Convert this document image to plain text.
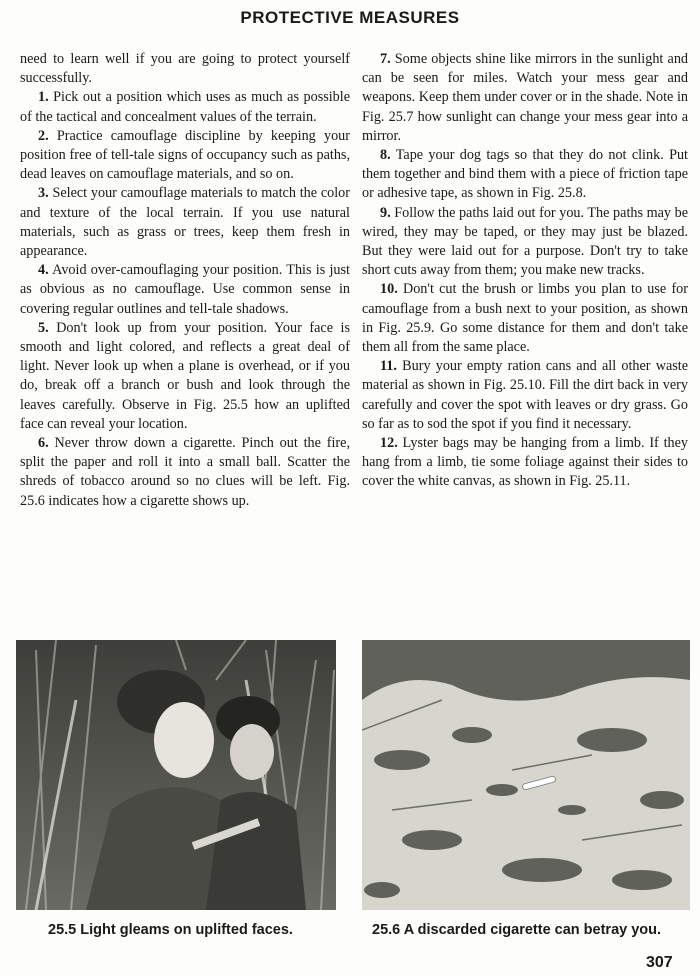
PROTECTIVE MEASURES

need to learn well if you are going to protect yourself successfully.

1. Pick out a position which uses as much as possible of the tactical and concealment values of the terrain.

2. Practice camouflage discipline by keeping your position free of tell-tale signs of occupancy such as paths, dead leaves on camouflage materials, and so on.

3. Select your camouflage materials to match the color and texture of the local terrain. If you use natural materials, such as grass or trees, keep them fresh in appearance.

4. Avoid over-camouflaging your position. This is just as obvious as no camouflage. Use common sense in covering regular outlines and tell-tale shadows.

5. Don't look up from your position. Your face is smooth and light colored, and reflects a great deal of light. Never look up when a plane is overhead, or if you do, break off a branch or bush and look through the leaves carefully. Observe in Fig. 25.5 how an uplifted face can reveal your location.

6. Never throw down a cigarette. Pinch out the fire, split the paper and roll it into a small ball. Scatter the shreds of tobacco around so no clues will be left. Fig. 25.6 indicates how a cigarette shows up.

7. Some objects shine like mirrors in the sunlight and can be seen for miles. Watch your mess gear and weapons. Keep them under cover or in the shade. Note in Fig. 25.7 how sunlight can change your mess gear into a mirror.

8. Tape your dog tags so that they do not clink. Put them together and bind them with a piece of friction tape or adhesive tape, as shown in Fig. 25.8.

9. Follow the paths laid out for you. The paths may be wired, they may be taped, or they may just be blazed. But they were laid out for a purpose. Don't try to take short cuts away from them; you make new tracks.

10. Don't cut the brush or limbs you plan to use for camouflage from a bush next to your position, as shown in Fig. 25.9. Go some distance for them and don't take them all from the same place.

11. Bury your empty ration cans and all other waste material as shown in Fig. 25.10. Fill the dirt back in very carefully and cover the spot with leaves or dry grass. Go so far as to sod the spot if you find it necessary.

12. Lyster bags may be hanging from a limb. If they hang from a limb, tie some foliage against their sides to cover the white canvas, as shown in Fig. 25.11.

25.5 Light gleams on uplifted faces.	25.6 A discarded cigarette can betray you.
307
